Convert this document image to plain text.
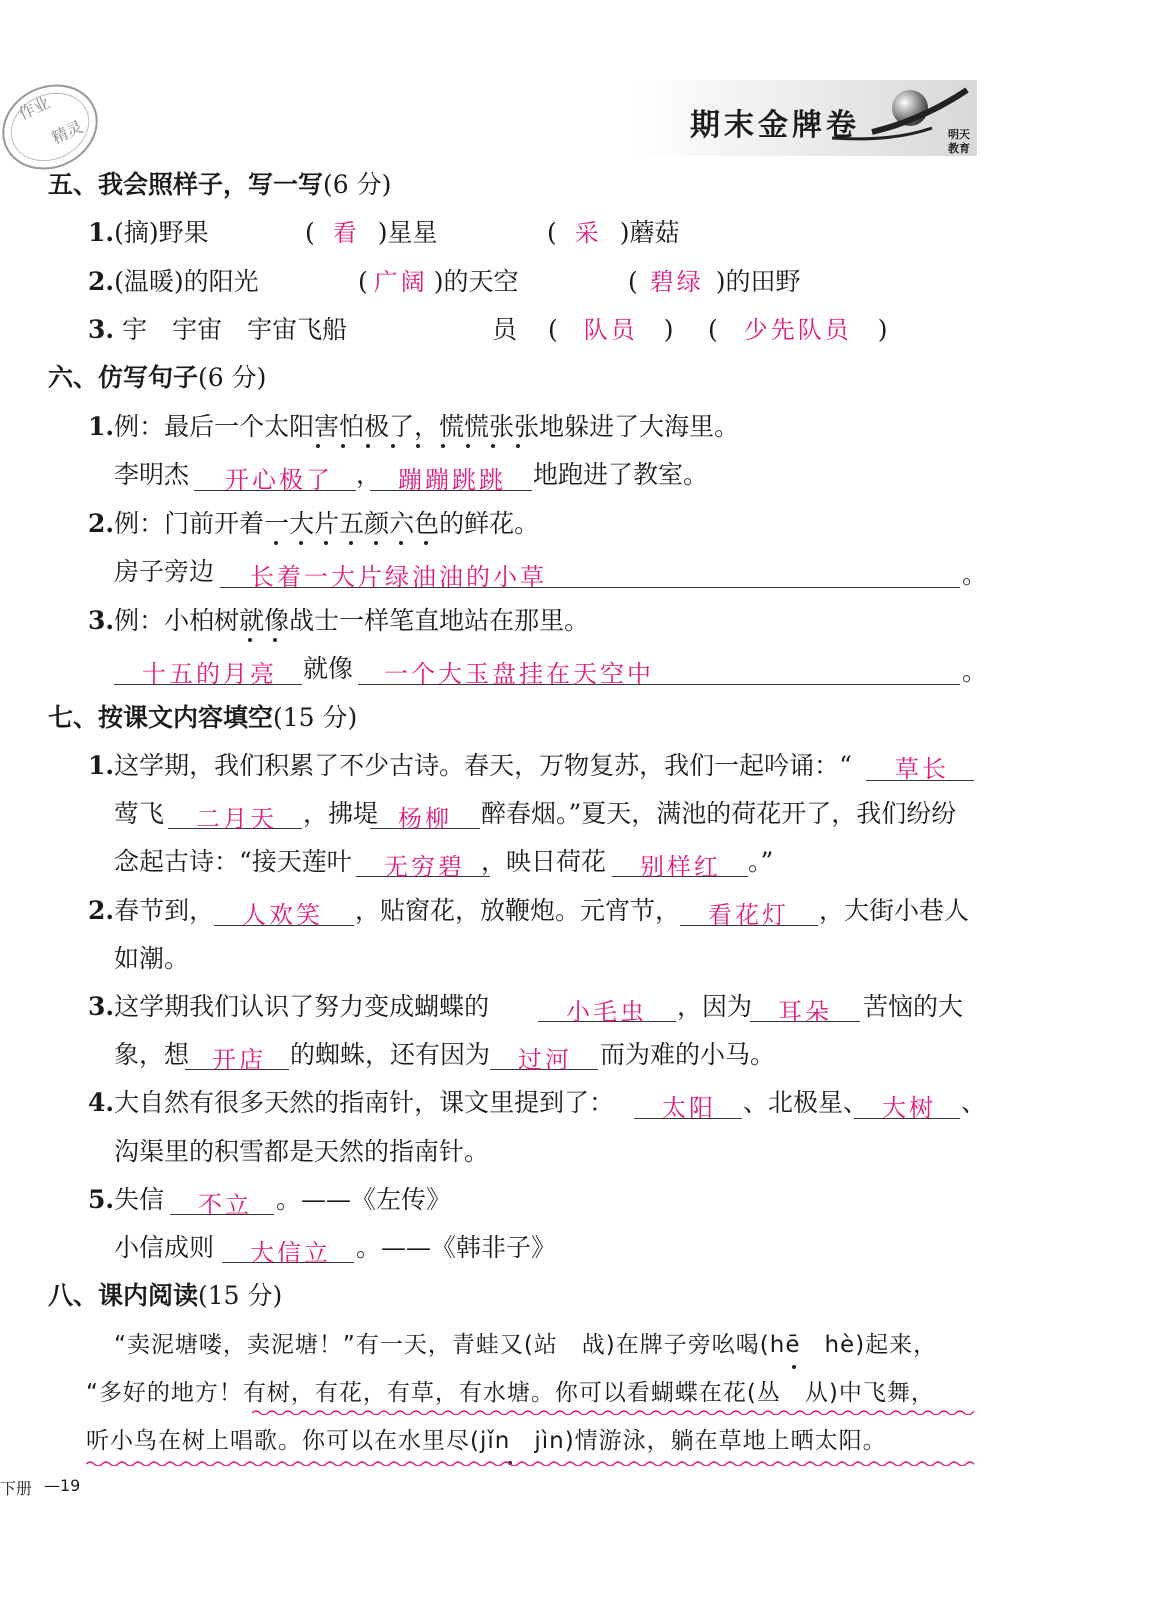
作业
精灵	期末金牌卷	明天
教育
五、我会照样子，写一写(6 分)
1.(摘)野果	( 看 )星星	( 采 )蘑菇
2.(温暖)的阳光	( 广阔 )的天空	( 碧绿 )的田野
3. 宇　宇宙　宇宙飞船	员 ( 队员 ) ( 少先队员 )
六、仿写句子(6 分)
1.例：最后一个太阳害怕极了，慌慌张张地躲进了大海里。
李明杰 开心极了 ， 蹦蹦跳跳 地跑进了教室。
2.例：门前开着一大片五颜六色的鲜花。
房子旁边 长着一大片绿油油的小草	。
3.例：小柏树就像战士一样笔直地站在那里。
十五的月亮 就像 一个大玉盘挂在天空中	。
七、按课文内容填空(15 分)
1.这学期，我们积累了不少古诗。春天，万物复苏，我们一起吟诵：“ 草长
莺飞 二月天 ，拂堤 杨柳 醉春烟。”夏天，满池的荷花开了，我们纷纷
念起古诗：“接天莲叶 无穷碧 ，映日荷花 别样红 。”
2.春节到， 人欢笑 ，贴窗花，放鞭炮。元宵节， 看花灯 ，大街小巷人
如潮。
3.这学期我们认识了努力变成蝴蝶的	小毛虫 ，因为 耳朵 苦恼的大
象，想 开店 的蜘蛛，还有因为 过河 而为难的小马。
4.大自然有很多天然的指南针，课文里提到了： 太阳 、北极星、 大树 、
沟渠里的积雪都是天然的指南针。
5.失信 不立 。——《左传》
小信成则 大信立 。——《韩非子》
八、课内阅读(15 分)
“卖泥塘喽，卖泥塘！”有一天，青蛙又(站　战)在牌子旁吆喝(hē　hè)起来，
“多好的地方！有树，有花，有草，有水塘。你可以看蝴蝶在花(丛　从)中飞舞，
听小鸟在树上唱歌。你可以在水里尽(jǐn　jìn)情游泳，躺在草地上晒太阳。
下册 —19
